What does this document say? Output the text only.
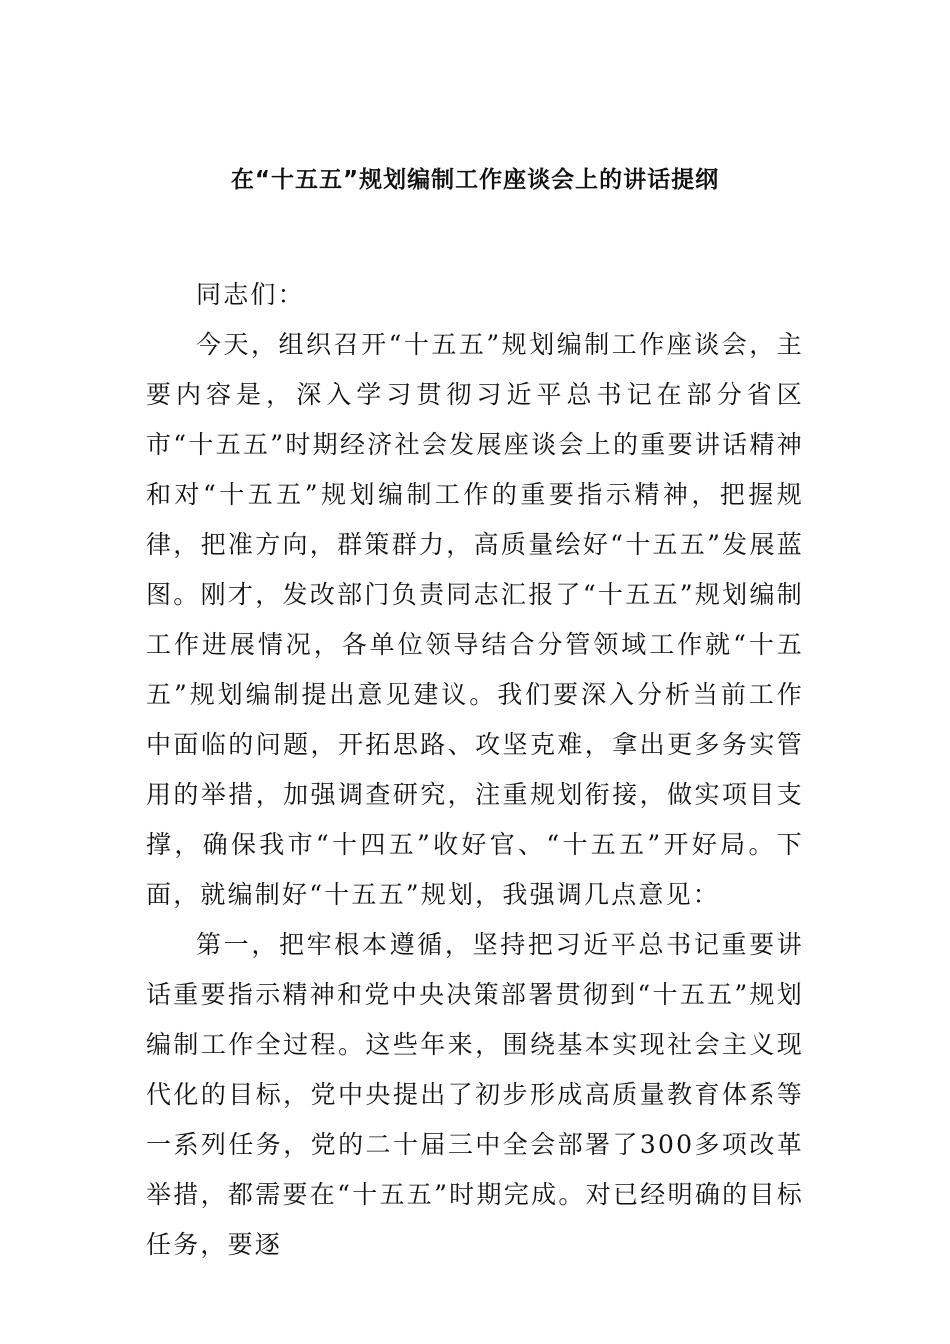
在“十五五”规划编制工作座谈会上的讲话提纲

同志们：

今天，组织召开“十五五”规划编制工作座谈会，主要内容是，深入学习贯彻习近平总书记在部分省区市“十五五”时期经济社会发展座谈会上的重要讲话精神和对“十五五”规划编制工作的重要指示精神，把握规律，把准方向，群策群力，高质量绘好“十五五”发展蓝图。刚才，发改部门负责同志汇报了“十五五”规划编制工作进展情况，各单位领导结合分管领域工作就“十五五”规划编制提出意见建议。我们要深入分析当前工作中面临的问题，开拓思路、攻坚克难，拿出更多务实管用的举措，加强调查研究，注重规划衔接，做实项目支撑，确保我市“十四五”收好官、“十五五”开好局。下面，就编制好“十五五”规划，我强调几点意见：

第一，把牢根本遵循，坚持把习近平总书记重要讲话重要指示精神和党中央决策部署贯彻到“十五五”规划编制工作全过程。这些年来，围绕基本实现社会主义现代化的目标，党中央提出了初步形成高质量教育体系等一系列任务，党的二十届三中全会部署了300多项改革举措，都需要在“十五五”时期完成。对已经明确的目标任务，要逐
